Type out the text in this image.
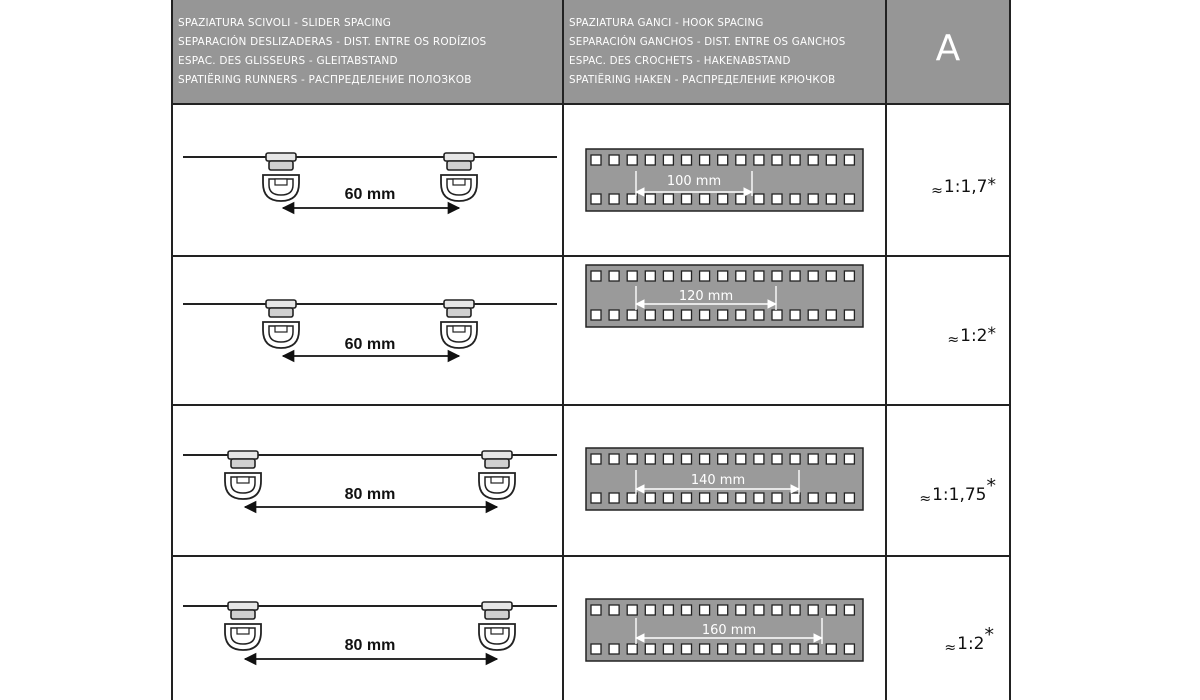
SPAZIATURA SCIVOLI - SLIDER SPACING
SEPARACIÓN DESLIZADERAS - DIST. ENTRE OS RODÍZIOS
ESPAC. DES GLISSEURS - GLEITABSTAND
SPATIËRING RUNNERS - РАСПРЕДЕЛЕНИЕ ПОЛОЗКОВ
SPAZIATURA GANCI - HOOK SPACING
SEPARACIÓN GANCHOS - DIST. ENTRE OS GANCHOS
ESPAC. DES CROCHETS - HAKENABSTAND
SPATIËRING HAKEN - РАСПРЕДЕЛЕНИЕ КРЮЧКОВ
A
≈1:1,7*
≈1:2*
≈1:1,75*
≈1:2*
60 mm
60 mm
80 mm
80 mm
100 mm
120 mm
140 mm
160 mm
